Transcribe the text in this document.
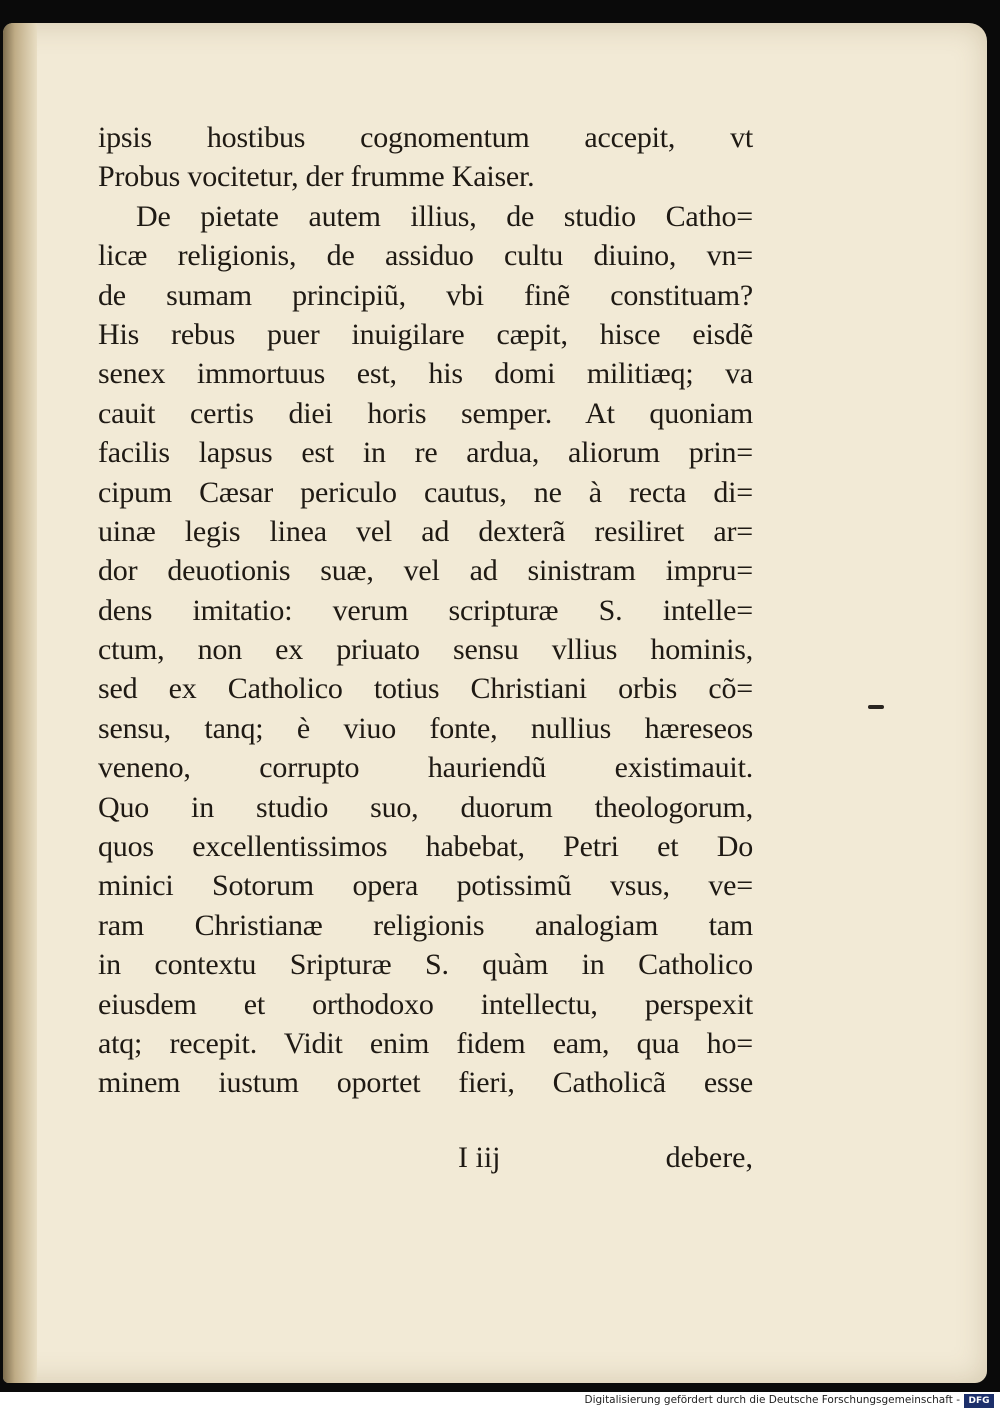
ipsis hostibus cognomentum accepit, vt
Probus vocitetur, der frumme Kaiser.
De pietate autem illius, de studio Catho=
licæ religionis, de assiduo cultu diuino, vn=
de sumam principiũ, vbi finẽ constituam?
His rebus puer inuigilare cæpit, hisce eisdẽ
senex immortuus est, his domi militiæq; va
cauit certis diei horis semper. At quoniam
facilis lapsus est in re ardua, aliorum prin=
cipum Cæsar periculo cautus, ne à recta di=
uinæ legis linea vel ad dexterã resiliret ar=
dor deuotionis suæ, vel ad sinistram impru=
dens imitatio: verum scripturæ S. intelle=
ctum, non ex priuato sensu vllius hominis,
sed ex Catholico totius Christiani orbis cõ=
sensu, tanq; è viuo fonte, nullius hæreseos
veneno, corrupto hauriendũ existimauit.
Quo in studio suo, duorum theologorum,
quos excellentissimos habebat, Petri et Do
minici Sotorum opera potissimũ vsus, ve=
ram Christianæ religionis analogiam tam
in contextu Sripturæ S. quàm in Catholico
eiusdem et orthodoxo intellectu, perspexit
atq; recepit. Vidit enim fidem eam, qua ho=
minem iustum oportet fieri, Catholicã esse
I iij	debere,
Digitalisierung gefördert durch die Deutsche Forschungsgemeinschaft - DFG
